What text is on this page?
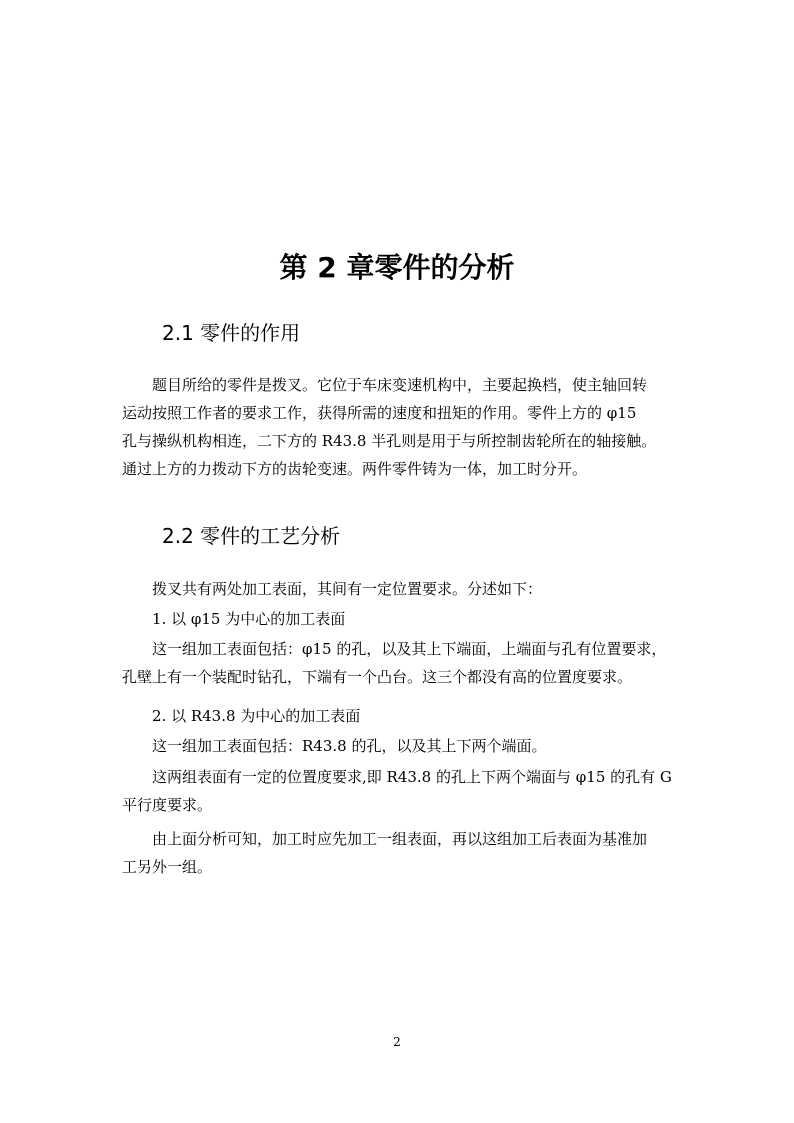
第 2 章零件的分析
2.1 零件的作用

题目所给的零件是拨叉。它位于车床变速机构中，主要起换档，使主轴回转
运动按照工作者的要求工作，获得所需的速度和扭矩的作用。零件上方的 φ15
孔与操纵机构相连，二下方的 R43.8 半孔则是用于与所控制齿轮所在的轴接触。
通过上方的力拨动下方的齿轮变速。两件零件铸为一体，加工时分开。

2.2 零件的工艺分析

拨叉共有两处加工表面，其间有一定位置要求。分述如下：

1. 以 φ15 为中心的加工表面

这一组加工表面包括：φ15 的孔，以及其上下端面，上端面与孔有位置要求，
孔壁上有一个装配时钻孔，下端有一个凸台。这三个都没有高的位置度要求。

2. 以 R43.8 为中心的加工表面

这一组加工表面包括：R43.8 的孔，以及其上下两个端面。

这两组表面有一定的位置度要求,即 R43.8 的孔上下两个端面与 φ15 的孔有 G
平行度要求。

由上面分析可知，加工时应先加工一组表面，再以这组加工后表面为基准加
工另外一组。

2
